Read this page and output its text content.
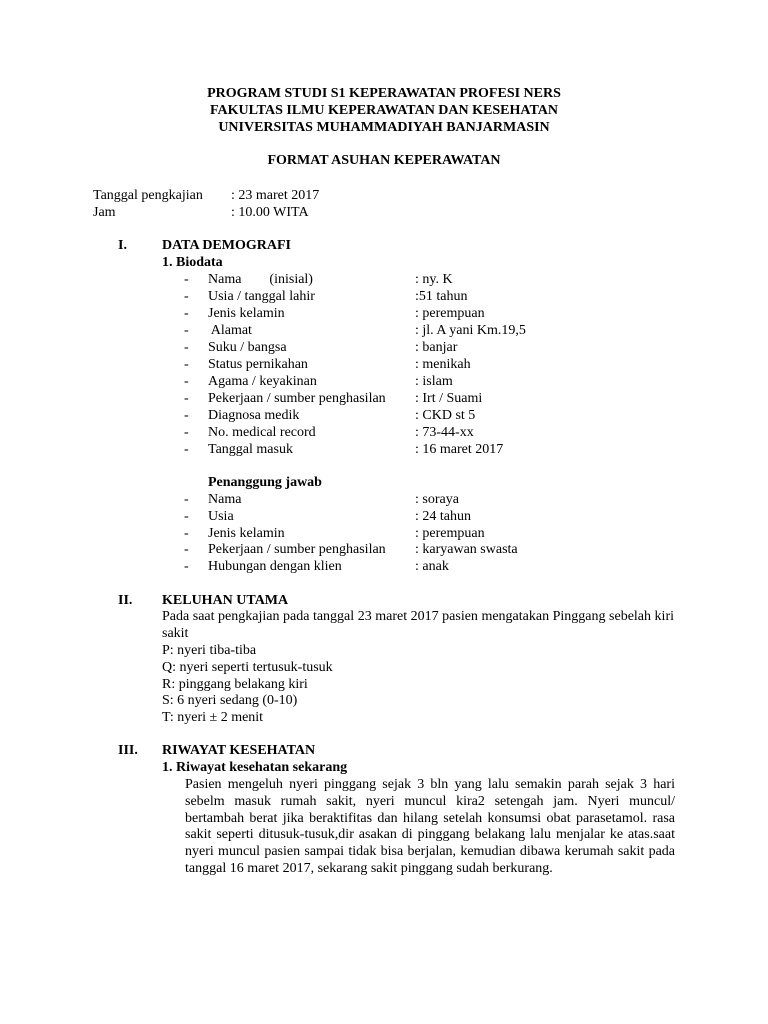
PROGRAM STUDI S1 KEPERAWATAN PROFESI NERS
FAKULTAS ILMU KEPERAWATAN DAN KESEHATAN
UNIVERSITAS MUHAMMADIYAH BANJARMASIN
FORMAT ASUHAN KEPERAWATAN
Tanggal pengkajian : 23 maret 2017
Jam	: 10.00 WITA
I.	DATA DEMOGRAFI
1. Biodata
- Nama        (inisial)	: ny. K
- Usia / tanggal lahir	:51 tahun
- Jenis kelamin	: perempuan
- Alamat	: jl. A yani Km.19,5
- Suku / bangsa	: banjar
- Status pernikahan	: menikah
- Agama / keyakinan	: islam
- Pekerjaan / sumber penghasilan : Irt / Suami
- Diagnosa medik	: CKD st 5
- No. medical record	: 73-44-xx
- Tanggal masuk	: 16 maret 2017
Penanggung jawab
- Nama	: soraya
- Usia	: 24 tahun
- Jenis kelamin	: perempuan
- Pekerjaan / sumber penghasilan : karyawan swasta
- Hubungan dengan klien	: anak
II. KELUHAN UTAMA

Pada saat pengkajian pada tanggal 23 maret 2017 pasien mengatakan Pinggang sebelah kiri sakit

P: nyeri tiba-tiba
Q: nyeri seperti tertusuk-tusuk
R: pinggang belakang kiri
S: 6 nyeri sedang (0-10)
T: nyeri ± 2 menit
III. RIWAYAT KESEHATAN
1. Riwayat kesehatan sekarang

Pasien mengeluh nyeri pinggang sejak 3 bln yang lalu semakin parah sejak 3 hari sebelm masuk rumah sakit, nyeri muncul kira2 setengah jam. Nyeri muncul/ bertambah berat jika beraktifitas dan hilang setelah konsumsi obat parasetamol. rasa sakit seperti ditusuk-tusuk,dir asakan di pinggang belakang lalu menjalar ke atas.saat nyeri muncul pasien sampai tidak bisa berjalan, kemudian dibawa kerumah sakit pada tanggal 16 maret 2017, sekarang sakit pinggang sudah berkurang.
